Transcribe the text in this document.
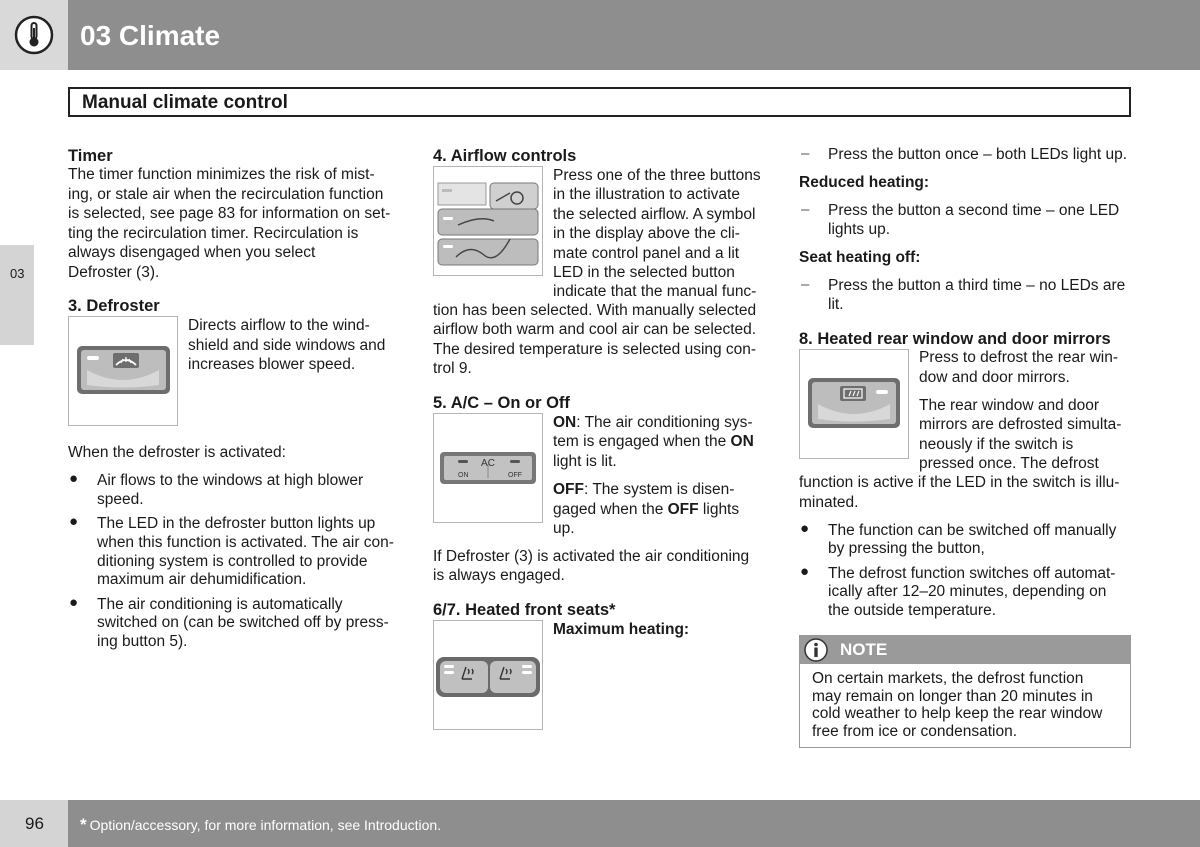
03 Climate
Manual climate control
03
Timer
The timer function minimizes the risk of mist-
ing, or stale air when the recirculation function
is selected, see page 83 for information on set-
ting the recirculation timer. Recirculation is
always disengaged when you select
Defroster (3).
3. Defroster
Directs airflow to the wind-
shield and side windows and
increases blower speed.
When the defroster is activated:
● Air flows to the windows at high blower
speed.
● The LED in the defroster button lights up
when this function is activated. The air con-
ditioning system is controlled to provide
maximum air dehumidification.
● The air conditioning is automatically
switched on (can be switched off by press-
ing button 5).
4. Airflow controls
Press one of the three buttons
in the illustration to activate
the selected airflow. A symbol
in the display above the cli-
mate control panel and a lit
LED in the selected button
indicate that the manual func-
tion has been selected. With manually selected
airflow both warm and cool air can be selected.
The desired temperature is selected using con-
trol 9.
5. A/C – On or Off
AC
ON	OFF
ON: The air conditioning sys-
tem is engaged when the ON
light is lit.
OFF: The system is disen-
gaged when the OFF lights
up.
If Defroster (3) is activated the air conditioning
is always engaged.
6/7. Heated front seats*
Maximum heating:
– Press the button once – both LEDs light up.
Reduced heating:
– Press the button a second time – one LED
lights up.
Seat heating off:
– Press the button a third time – no LEDs are
lit.
8. Heated rear window and door mirrors
Press to defrost the rear win-
dow and door mirrors.
The rear window and door
mirrors are defrosted simulta-
neously if the switch is
pressed once. The defrost
function is active if the LED in the switch is illu-
minated.
● The function can be switched off manually
by pressing the button,
● The defrost function switches off automat-
ically after 12–20 minutes, depending on
the outside temperature.
NOTE
On certain markets, the defrost function
may remain on longer than 20 minutes in
cold weather to help keep the rear window
free from ice or condensation.
96 * Option/accessory, for more information, see Introduction.
